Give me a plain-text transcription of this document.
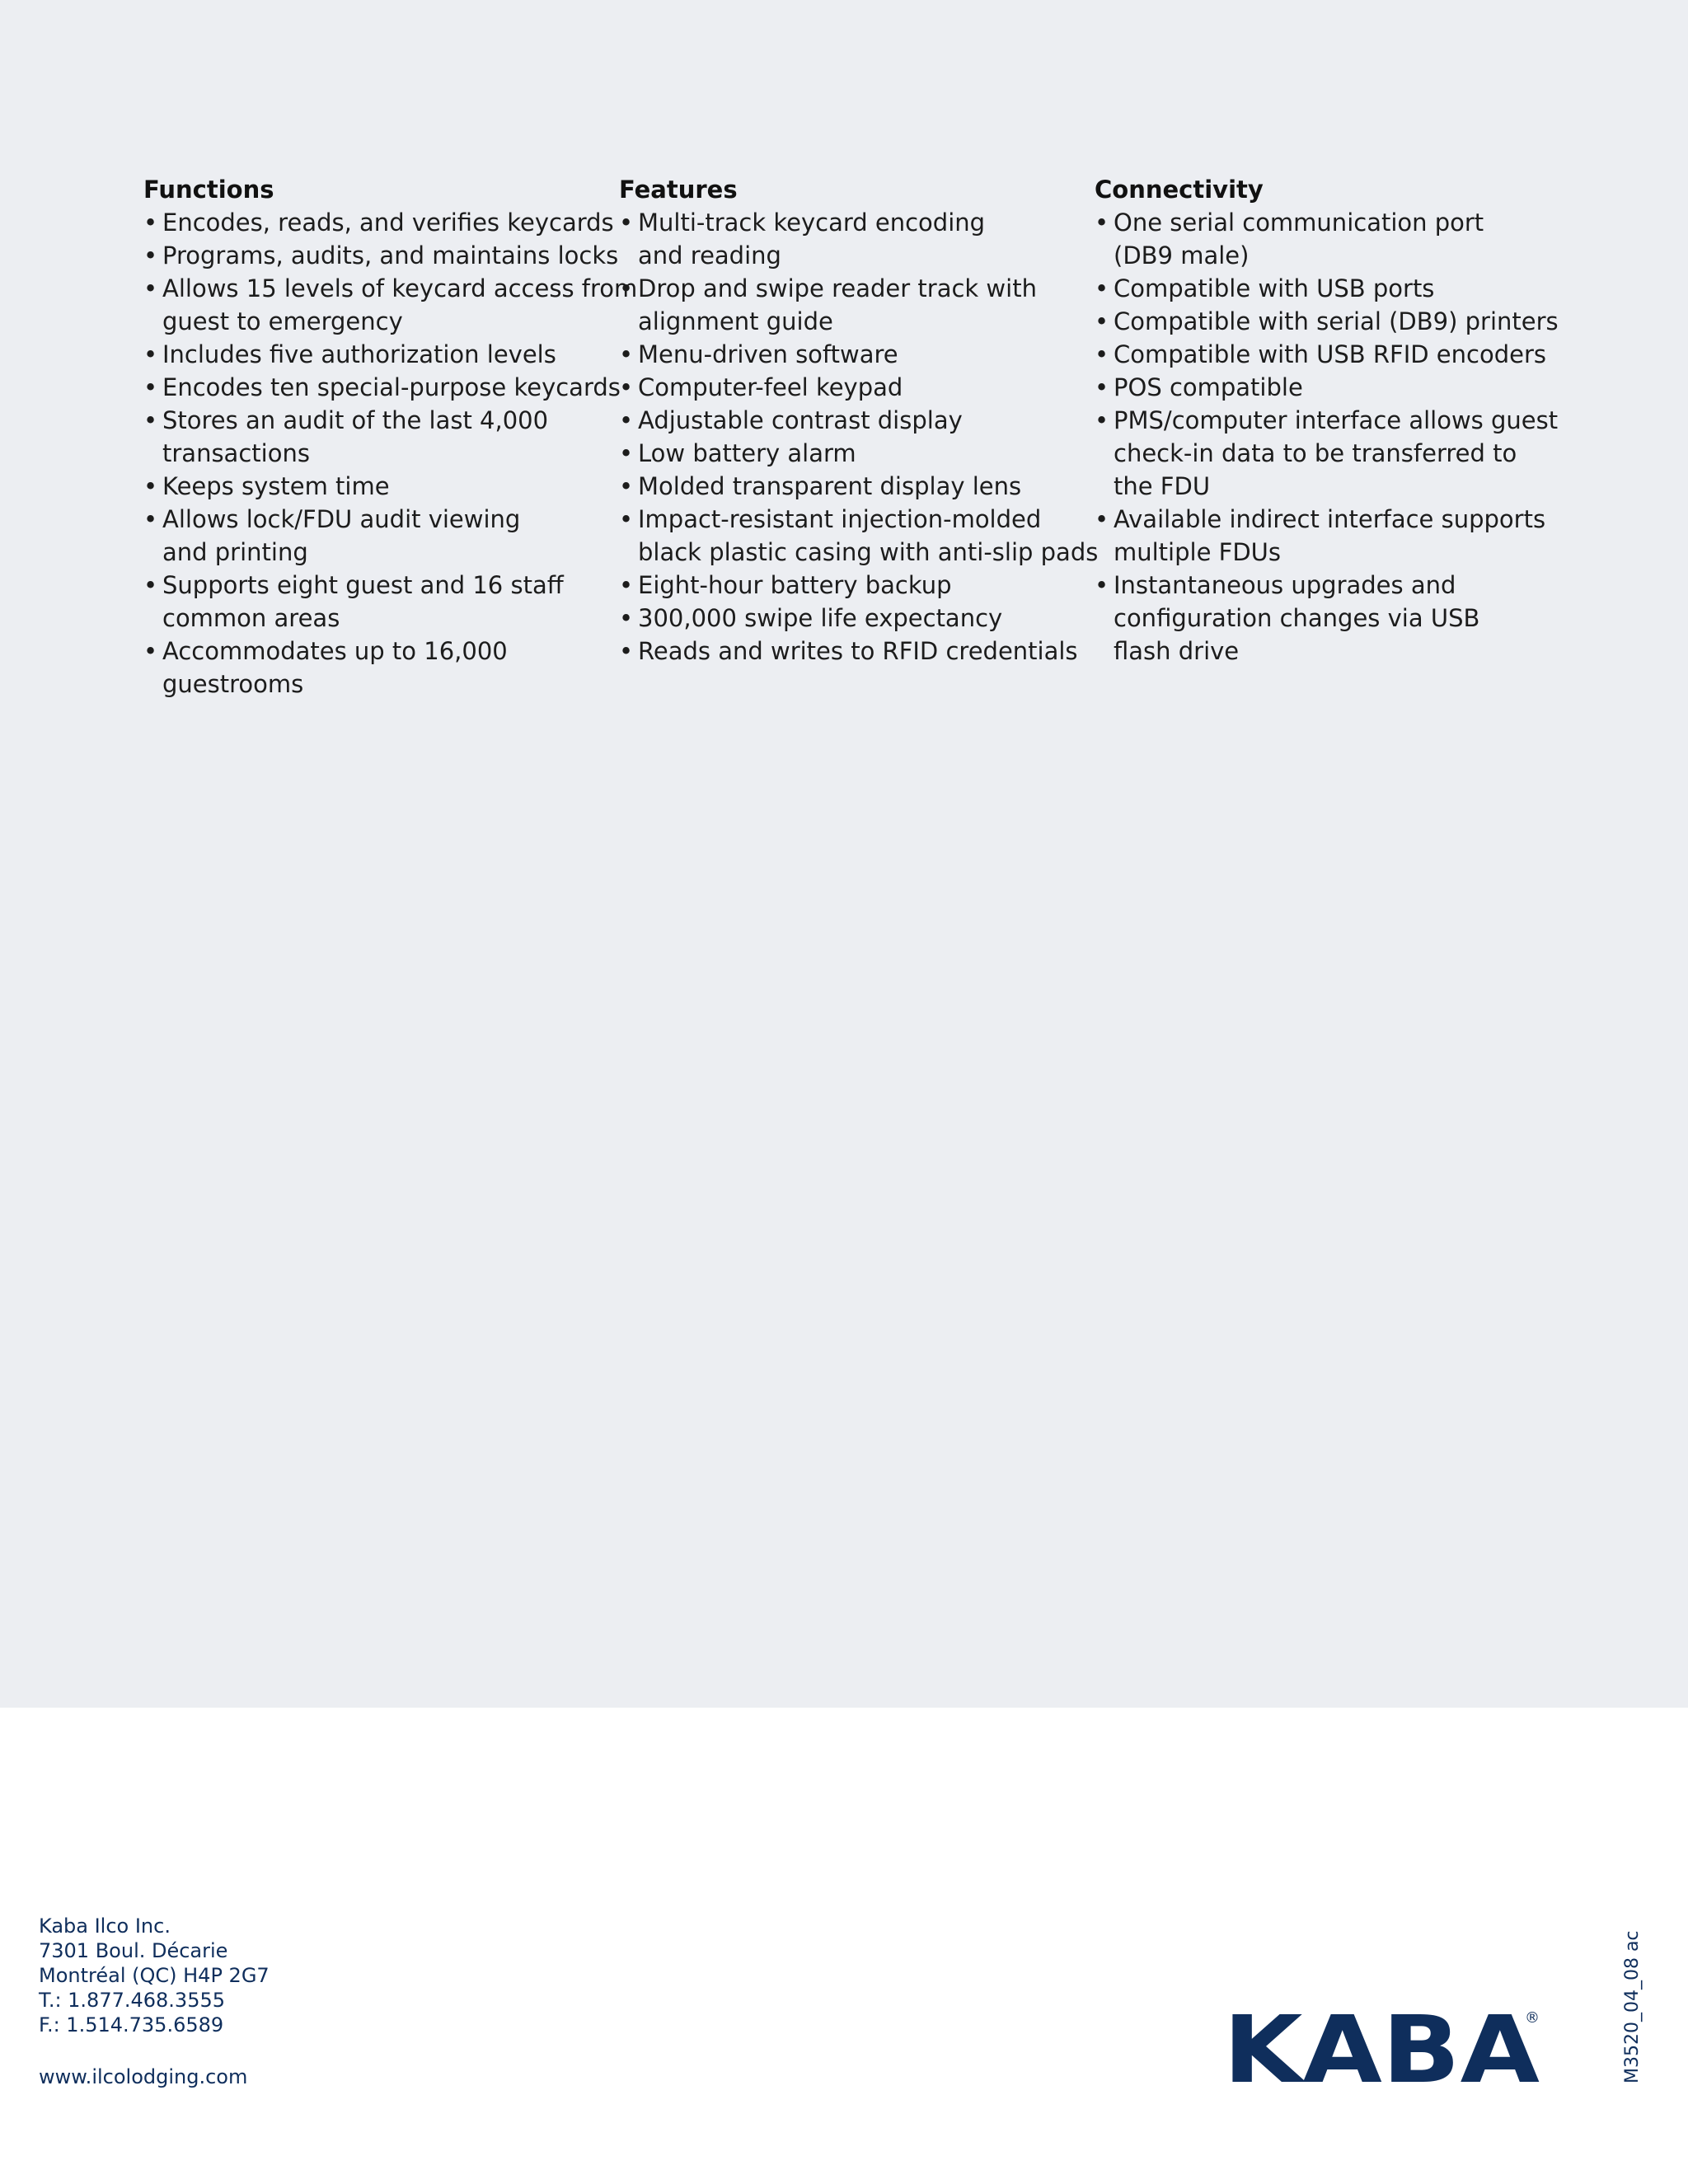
Functions

• Encodes, reads, and verifies keycards
• Programs, audits, and maintains locks
• Allows 15 levels of keycard access from
guest to emergency
• Includes five authorization levels
• Encodes ten special-purpose keycards
• Stores an audit of the last 4,000
transactions
• Keeps system time
• Allows lock/FDU audit viewing
and printing
• Supports eight guest and 16 staff
common areas
• Accommodates up to 16,000
guestrooms

Features

• Multi-track keycard encoding
and reading
• Drop and swipe reader track with
alignment guide
• Menu-driven software
• Computer-feel keypad
• Adjustable contrast display
• Low battery alarm
• Molded transparent display lens
• Impact-resistant injection-molded
black plastic casing with anti-slip pads
• Eight-hour battery backup
• 300,000 swipe life expectancy
• Reads and writes to RFID credentials

Connectivity

• One serial communication port
(DB9 male)
• Compatible with USB ports
• Compatible with serial (DB9) printers
• Compatible with USB RFID encoders
• POS compatible
• PMS/computer interface allows guest
check-in data to be transferred to
the FDU
• Available indirect interface supports
multiple FDUs
• Instantaneous upgrades and
configuration changes via USB
flash drive
Kaba Ilco Inc.
7301 Boul. Décarie
Montréal (QC) H4P 2G7
T.: 1.877.468.3555
F.: 1.514.735.6589
www.ilcolodging.com	KABA
®	M3520_04_08 ac
